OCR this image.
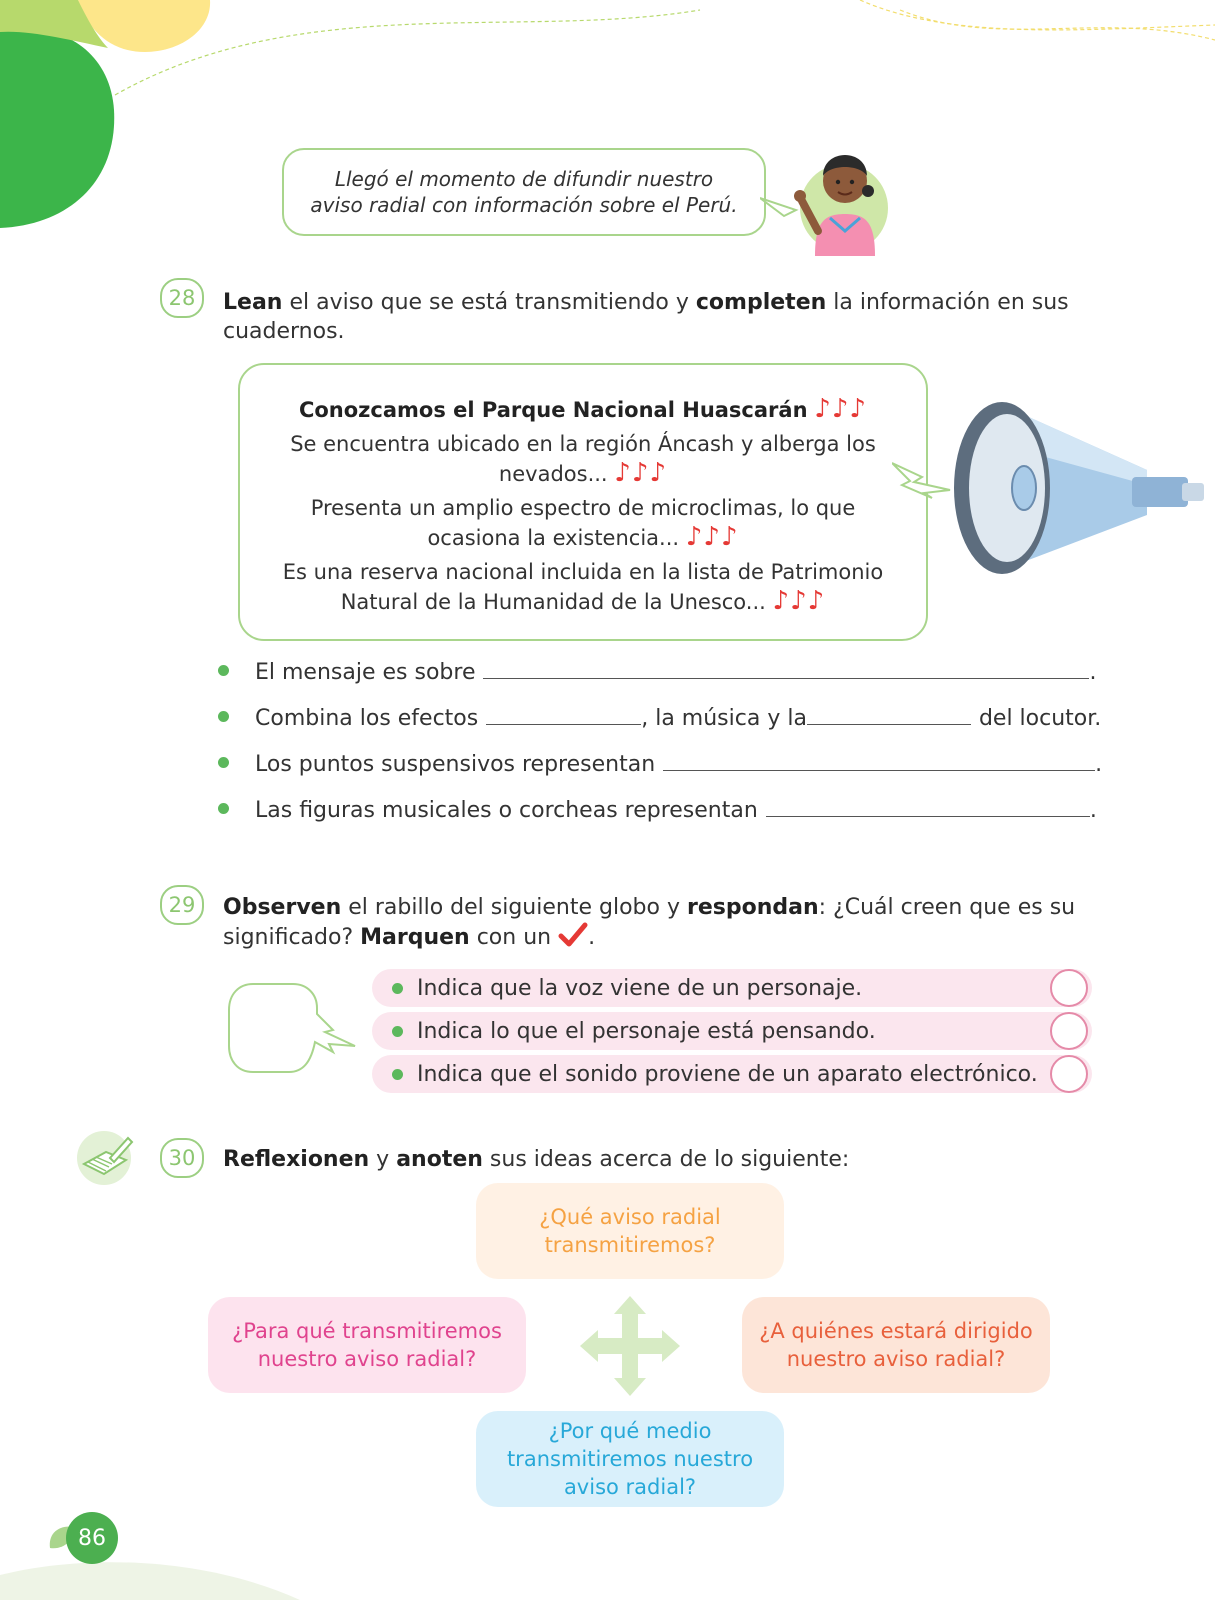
Llegó el momento de difundir nuestro
aviso radial con información sobre el Perú.
28	Lean el aviso que se está transmitiendo y completen la información en sus
cuadernos.

Conozcamos el Parque Nacional Huascarán ♪♪♪

Se encuentra ubicado en la región Áncash y alberga los
nevados... ♪♪♪

Presenta un amplio espectro de microclimas, lo que
ocasiona la existencia... ♪♪♪

Es una reserva nacional incluida en la lista de Patrimonio
Natural de la Humanidad de la Unesco... ♪♪♪

El mensaje es sobre	.
Combina los efectos	, la música y la	del locutor.
Los puntos suspensivos representan	.
Las figuras musicales o corcheas representan	.
29	Observen el rabillo del siguiente globo y respondan: ¿Cuál creen que es su
significado? Marquen con un .
Indica que la voz viene de un personaje.
Indica lo que el personaje está pensando.
Indica que el sonido proviene de un aparato electrónico.
30	Reflexionen y anoten sus ideas acerca de lo siguiente:
¿Qué aviso radial transmitiremos?
¿Para qué transmitiremos nuestro aviso radial?
¿A quiénes estará dirigido nuestro aviso radial?
¿Por qué medio transmitiremos nuestro aviso radial?
86
